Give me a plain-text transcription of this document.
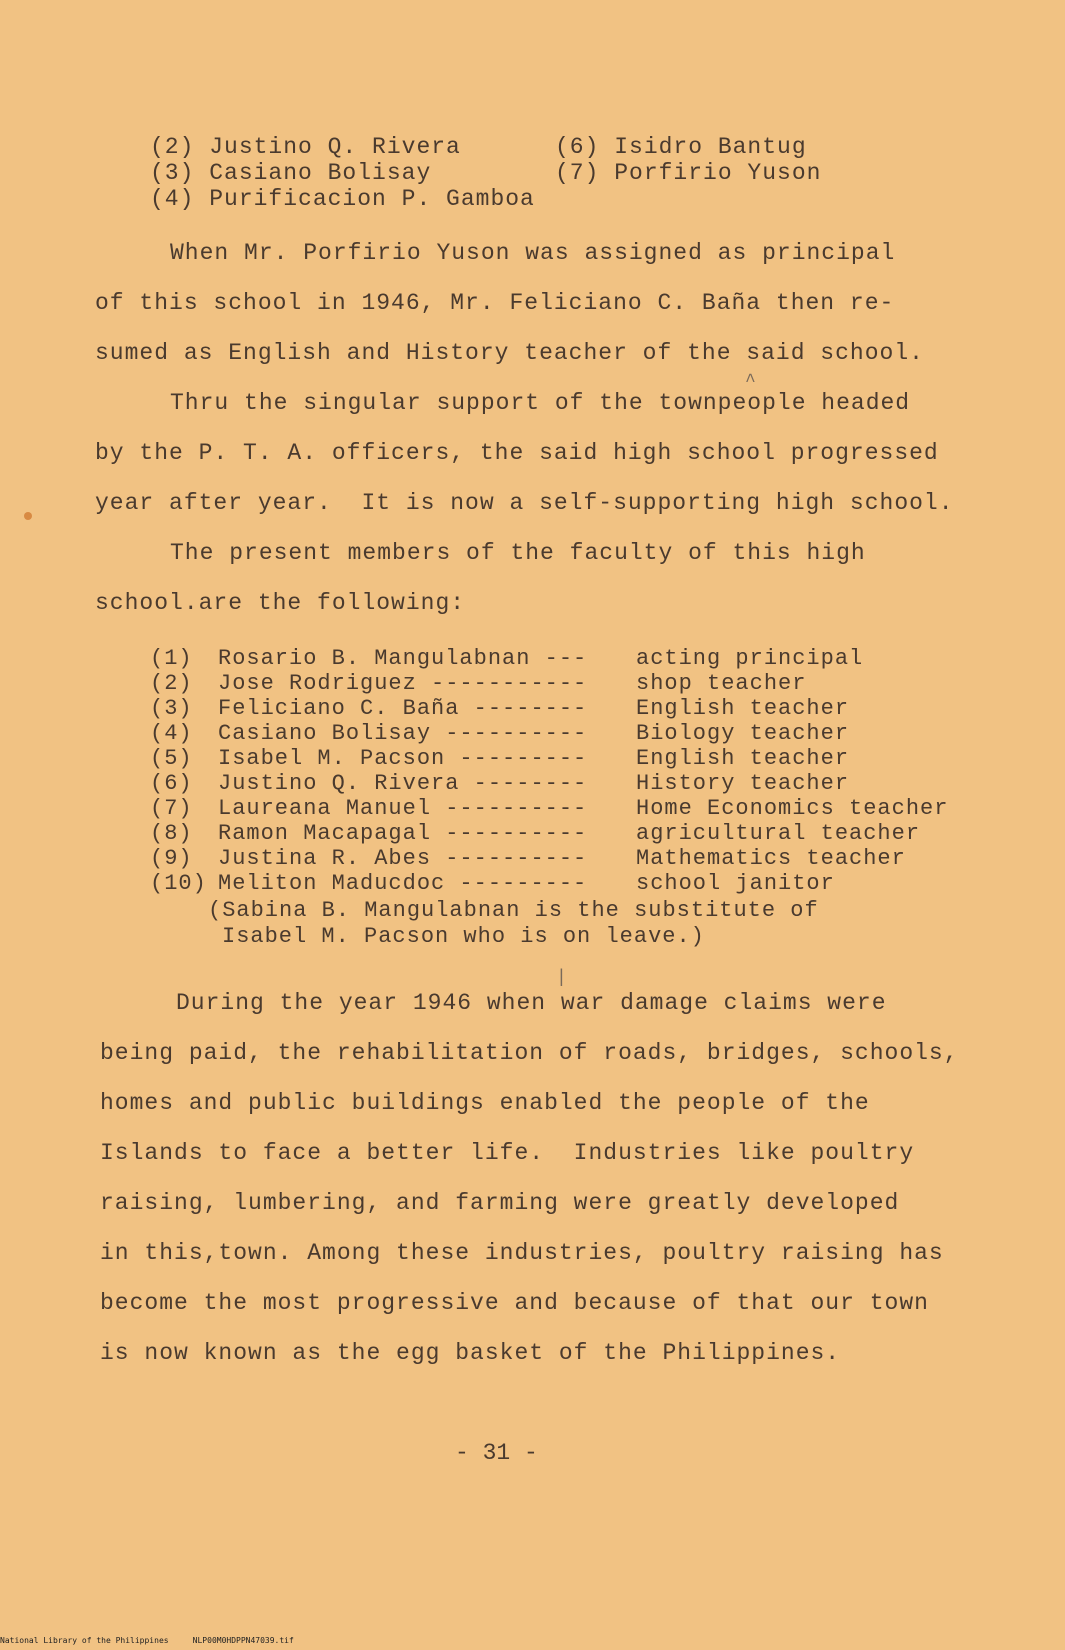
(2) Justino Q. Rivera
(3) Casiano Bolisay
(4) Purificacion P. Gamboa
(6) Isidro Bantug
(7) Porfirio Yuson
When Mr. Porfirio Yuson was assigned as principal
of this school in 1946, Mr. Feliciano C. Baña then re-
sumed as English and History teacher of the said school.
Thru the singular support of the townpeople headed
^
by the P. T. A. officers, the said high school progressed
year after year.  It is now a self-supporting high school.
The present members of the faculty of this high
school.are the following:
(1) Rosario B. Mangulabnan --- acting principal
(2) Jose Rodriguez ----------- shop teacher
(3) Feliciano C. Baña -------- English teacher
(4) Casiano Bolisay ---------- Biology teacher
(5) Isabel M. Pacson --------- English teacher
(6) Justino Q. Rivera -------- History teacher
(7) Laureana Manuel ---------- Home Economics teacher
(8) Ramon Macapagal ---------- agricultural teacher
(9) Justina R. Abes ---------- Mathematics teacher
(10) Meliton Maducdoc --------- school janitor
(Sabina B. Mangulabnan is the substitute of
Isabel M. Pacson who is on leave.)
|
During the year 1946 when war damage claims were
being paid, the rehabilitation of roads, bridges, schools,
homes and public buildings enabled the people of the
Islands to face a better life.  Industries like poultry
raising, lumbering, and farming were greatly developed
in this,town. Among these industries, poultry raising has
become the most progressive and because of that our town
is now known as the egg basket of the Philippines.
- 31 -
National Library of the Philippines	NLP00M0HDPPN47039.tif
